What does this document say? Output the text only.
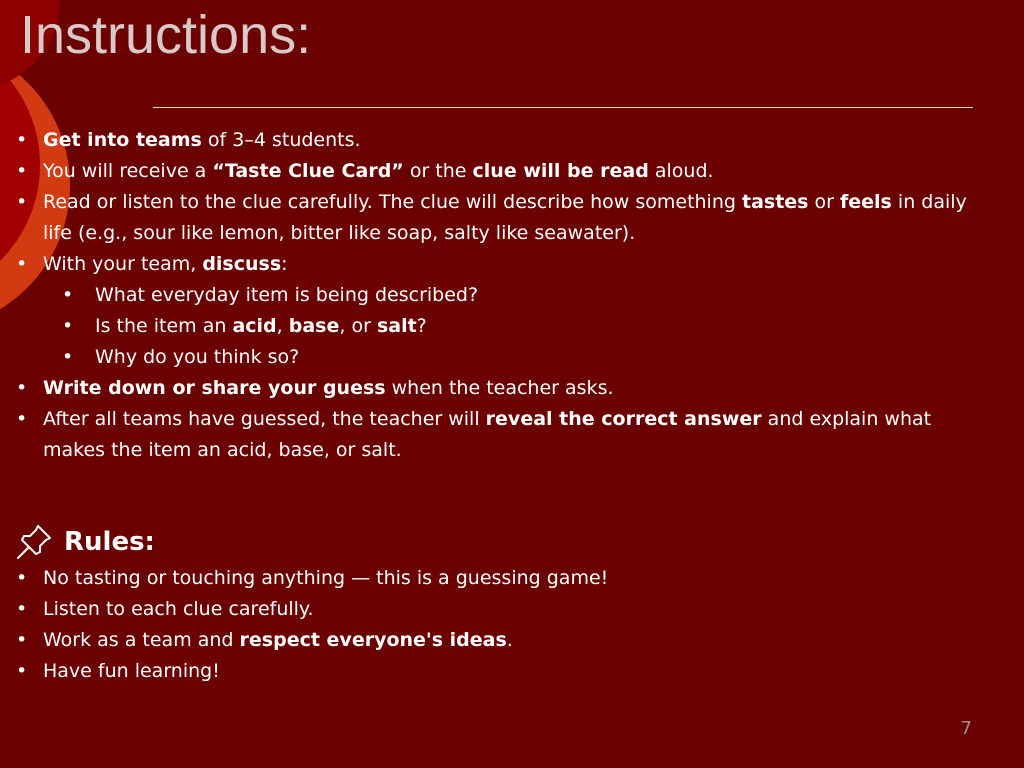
Instructions:
• Get into teams of 3–4 students.
• You will receive a “Taste Clue Card” or the clue will be read aloud.
• Read or listen to the clue carefully. The clue will describe how something tastes or feels in daily life (e.g., sour like lemon, bitter like soap, salty like seawater).
• With your team, discuss:
• What everyday item is being described?
• Is the item an acid, base, or salt?
• Why do you think so?
• Write down or share your guess when the teacher asks.
• After all teams have guessed, the teacher will reveal the correct answer and explain what makes the item an acid, base, or salt.
Rules:
• No tasting or touching anything — this is a guessing game!
• Listen to each clue carefully.
• Work as a team and respect everyone's ideas.
• Have fun learning!
7
